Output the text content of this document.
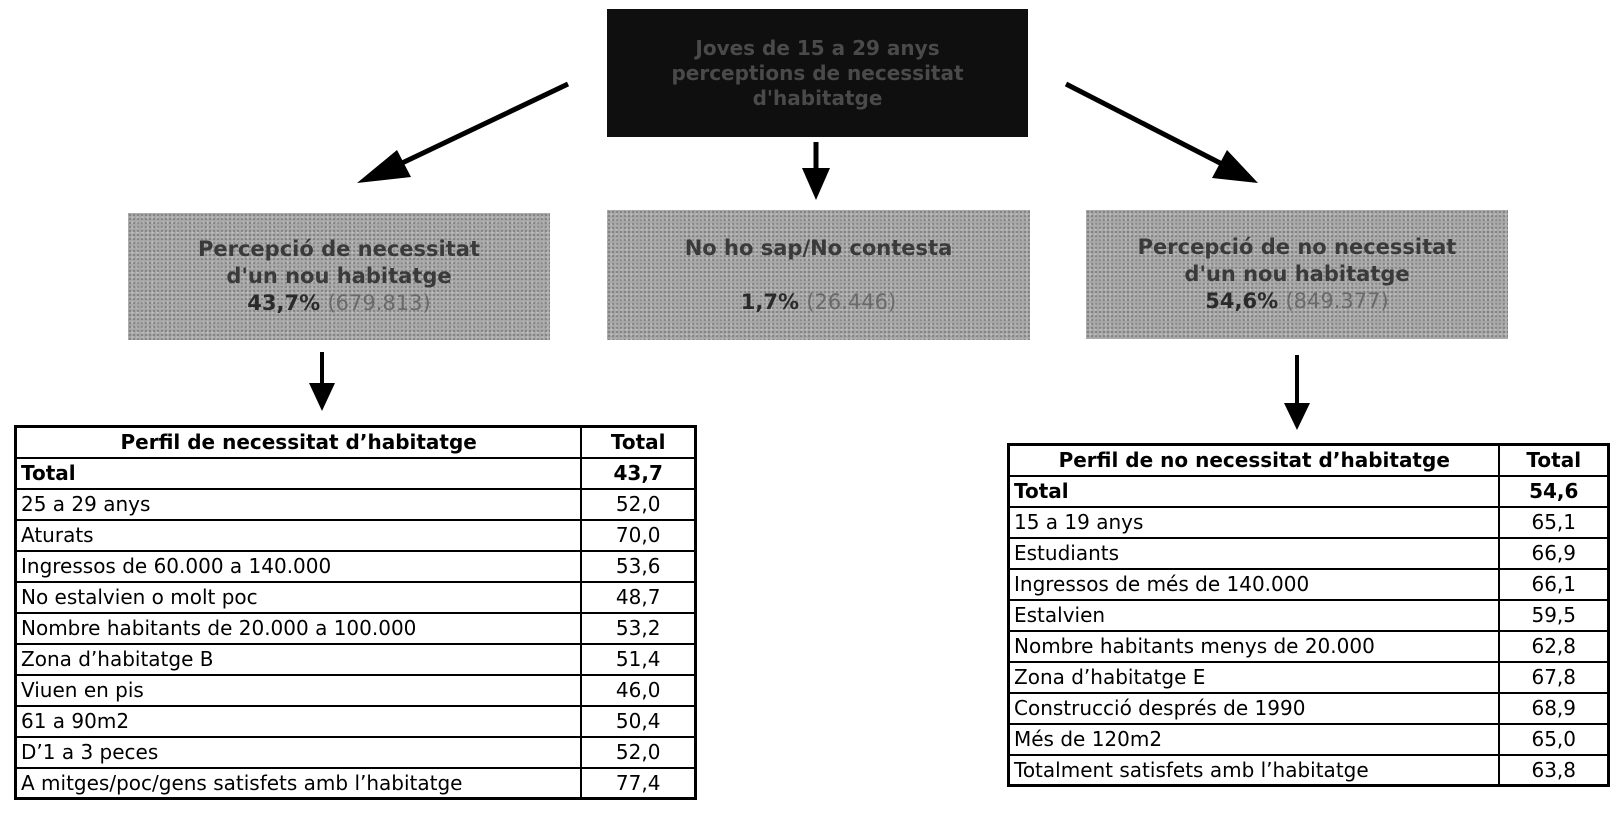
Joves de 15 a 29 anys
perceptions de necessitat
d'habitatge
Percepció de necessitat
d'un nou habitatge
43,7% (679.813)
No ho sap/No contesta
1,7% (26.446)
Percepció de no necessitat
d'un nou habitatge
54,6% (849.377)
Perfil de necessitat d’habitatge	Total
Total	43,7
25 a 29 anys	52,0
Aturats	70,0
Ingressos de 60.000 a 140.000	53,6
No estalvien o molt poc	48,7
Nombre habitants de 20.000 a 100.000	53,2
Zona d’habitatge B	51,4
Viuen en pis	46,0
61 a 90m2	50,4
D’1 a 3 peces	52,0
A mitges/poc/gens satisfets amb l’habitatge	77,4
Perfil de no necessitat d’habitatge	Total
Total	54,6
15 a 19 anys	65,1
Estudiants	66,9
Ingressos de més de 140.000	66,1
Estalvien	59,5
Nombre habitants menys de 20.000	62,8
Zona d’habitatge E	67,8
Construcció després de 1990	68,9
Més de 120m2	65,0
Totalment satisfets amb l’habitatge	63,8
